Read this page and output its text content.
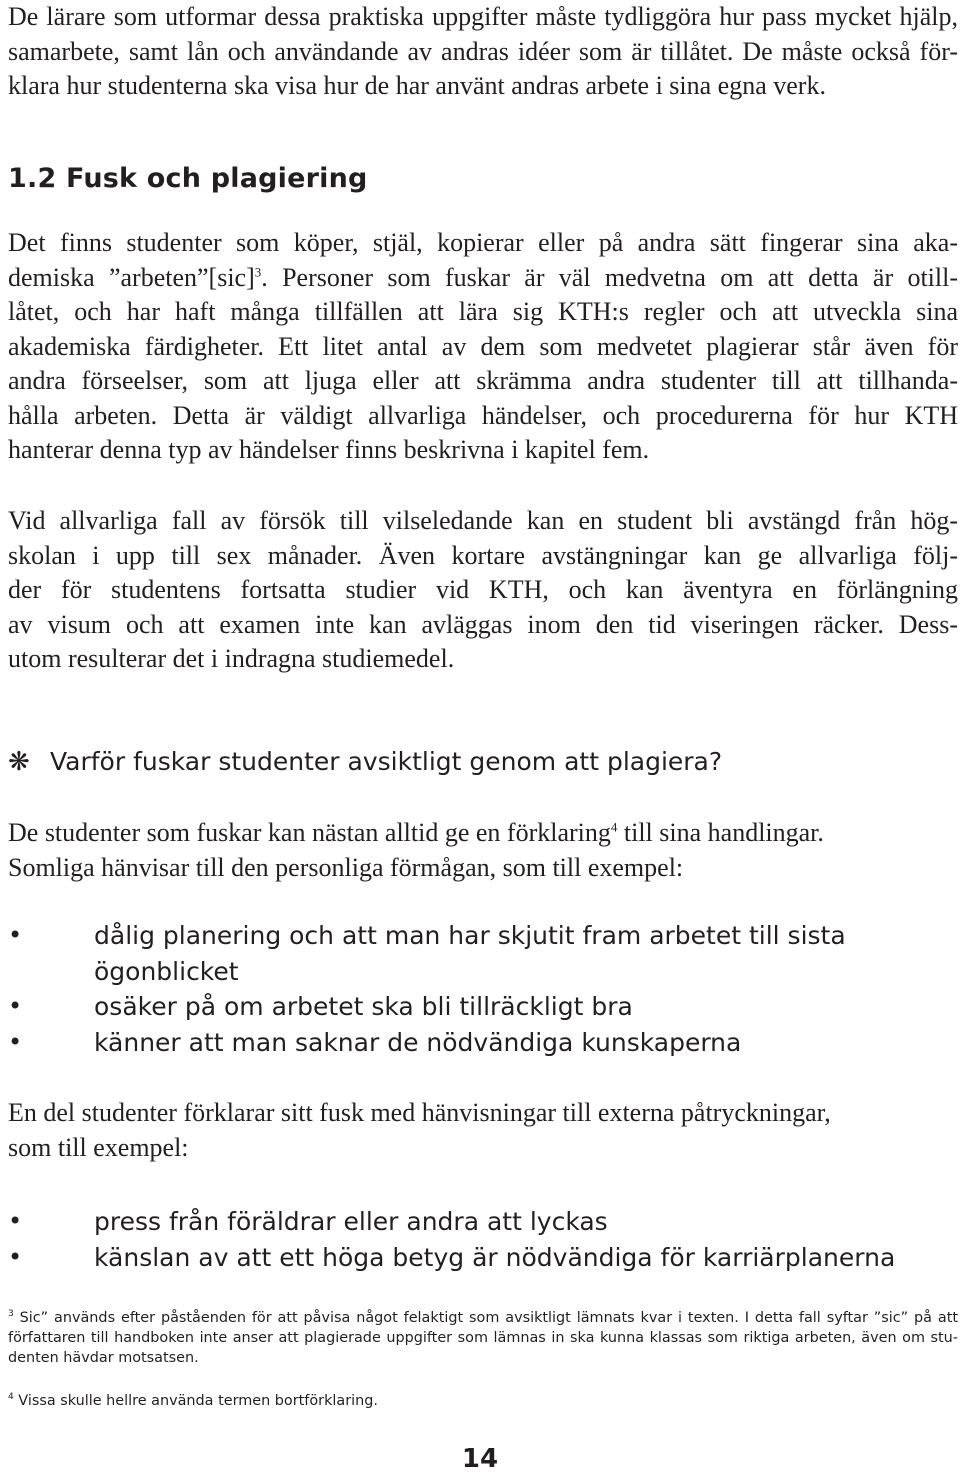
De lärare som utformar dessa praktiska uppgifter måste tydliggöra hur pass mycket hjälp,
samarbete, samt lån och användande av andras idéer som är tillåtet. De måste också för-
klara hur studenterna ska visa hur de har använt andras arbete i sina egna verk.
1.2 Fusk och plagiering
Det finns studenter som köper, stjäl, kopierar eller på andra sätt fingerar sina aka-
demiska ”arbeten”[sic]$^3$. Personer som fuskar är väl medvetna om att detta är otill-
låtet, och har haft många tillfällen att lära sig KTH:s regler och att utveckla sina
akademiska färdigheter. Ett litet antal av dem som medvetet plagierar står även för
andra förseelser, som att ljuga eller att skrämma andra studenter till att tillhanda-
hålla arbeten. Detta är väldigt allvarliga händelser, och procedurerna för hur KTH
hanterar denna typ av händelser finns beskrivna i kapitel fem.
Vid allvarliga fall av försök till vilseledande kan en student bli avstängd från hög-
skolan i upp till sex månader. Även kortare avstängningar kan ge allvarliga följ-
der för studentens fortsatta studier vid KTH, och kan äventyra en förlängning
av visum och att examen inte kan avläggas inom den tid viseringen räcker. Dess-
utom resulterar det i indragna studiemedel.
❋ Varför fuskar studenter avsiktligt genom att plagiera?
De studenter som fuskar kan nästan alltid ge en förklaring$^4$ till sina handlingar.
Somliga hänvisar till den personliga förmågan, som till exempel:
•	dålig planering och att man har skjutit fram arbetet till sista ögonblicket
•	osäker på om arbetet ska bli tillräckligt bra
•	känner att man saknar de nödvändiga kunskaperna
En del studenter förklarar sitt fusk med hänvisningar till externa påtryckningar,
som till exempel:
•	press från föräldrar eller andra att lyckas
•	känslan av att ett höga betyg är nödvändiga för karriärplanerna
$^3$ Sic” används efter påståenden för att påvisa något felaktigt som avsiktligt lämnats kvar i texten. I detta fall syftar ”sic” på att
författaren till handboken inte anser att plagierade uppgifter som lämnas in ska kunna klassas som riktiga arbeten, även om stu-
denten hävdar motsatsen.
$^4$ Vissa skulle hellre använda termen bortförklaring.
14
